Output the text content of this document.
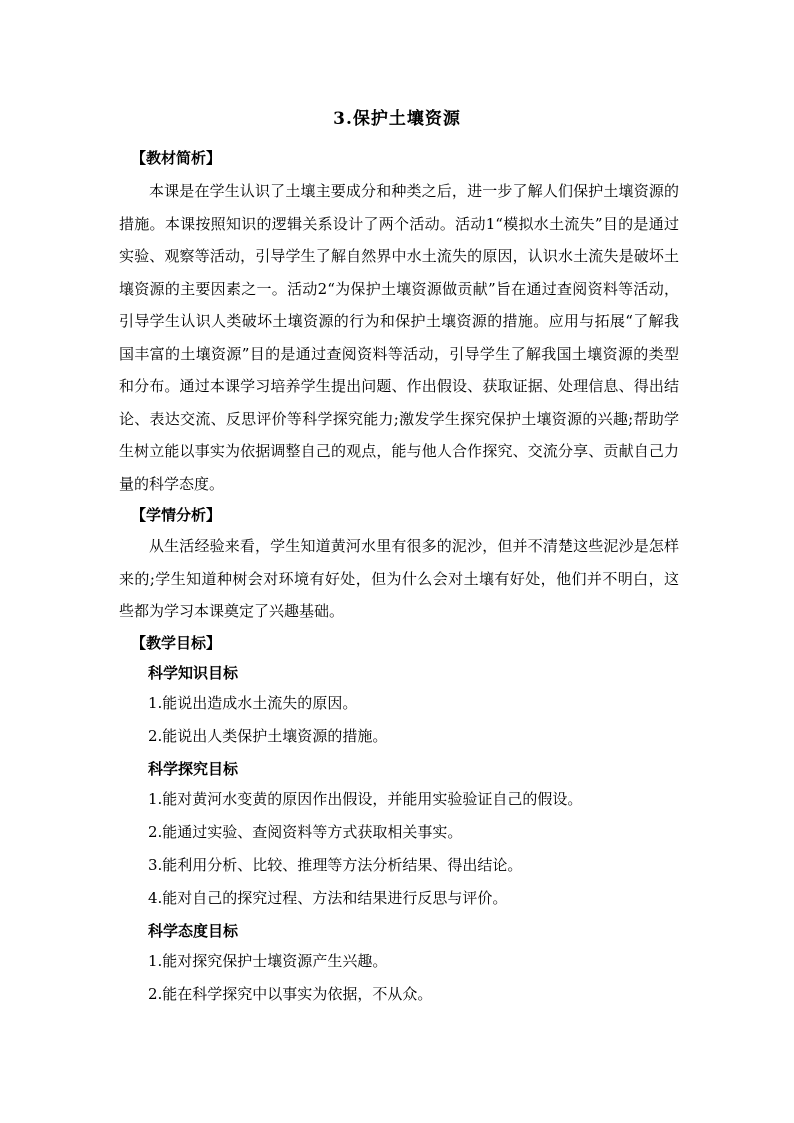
3.保护土壤资源
【教材简析】

本课是在学生认识了土壤主要成分和种类之后，进一步了解人们保护土壤资源的措施。本课按照知识的逻辑关系设计了两个活动。活动1“模拟水土流失”目的是通过实验、观察等活动，引导学生了解自然界中水土流失的原因，认识水土流失是破坏土壤资源的主要因素之一。活动2“为保护土壤资源做贡献”旨在通过查阅资料等活动，引导学生认识人类破坏土壤资源的行为和保护土壤资源的措施。应用与拓展“了解我国丰富的土壤资源”目的是通过查阅资料等活动，引导学生了解我国土壤资源的类型和分布。通过本课学习培养学生提出问题、作出假设、获取证据、处理信息、得出结论、表达交流、反思评价等科学探究能力;激发学生探究保护土壤资源的兴趣;帮助学生树立能以事实为依据调整自己的观点，能与他人合作探究、交流分享、贡献自己力量的科学态度。

【学情分析】

从生活经验来看，学生知道黄河水里有很多的泥沙，但并不清楚这些泥沙是怎样来的;学生知道种树会对环境有好处，但为什么会对土壤有好处，他们并不明白，这些都为学习本课奠定了兴趣基础。

【教学目标】
科学知识目标
1.能说出造成水土流失的原因。
2.能说出人类保护土壤资源的措施。
科学探究目标
1.能对黄河水变黄的原因作出假设，并能用实验验证自己的假设。
2.能通过实验、查阅资料等方式获取相关事实。
3.能利用分析、比较、推理等方法分析结果、得出结论。
4.能对自己的探究过程、方法和结果进行反思与评价。
科学态度目标
1.能对探究保护士壤资源产生兴趣。
2.能在科学探究中以事实为依据，不从众。
